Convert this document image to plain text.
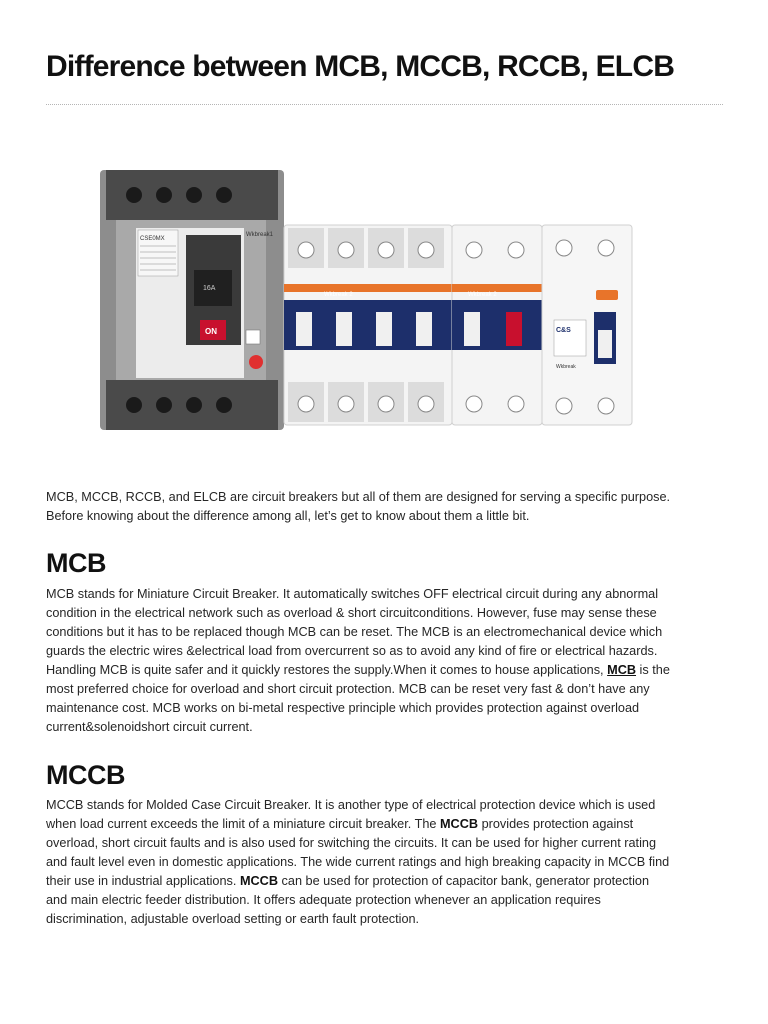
Difference between MCB, MCCB, RCCB, ELCB
CSE0MX
16A
ON
Wkbreak1
Wkbreak 2	Wkbreak 2
C&S
Wkbreak

MCB, MCCB, RCCB, and ELCB are circuit breakers but all of them are designed for serving a specific purpose.

Before knowing about the difference among all, let’s get to know about them a little bit.

MCB

MCB stands for Miniature Circuit Breaker. It automatically switches OFF electrical circuit during any abnormal

condition in the electrical network such as overload & short circuitconditions. However, fuse may sense these

conditions but it has to be replaced though MCB can be reset. The MCB is an electromechanical device which

guards the electric wires &electrical load from overcurrent so as to avoid any kind of fire or electrical hazards.

Handling MCB is quite safer and it quickly restores the supply.When it comes to house applications, MCB is the

most preferred choice for overload and short circuit protection. MCB can be reset very fast & don’t have any

maintenance cost. MCB works on bi-metal respective principle which provides protection against overload

current&solenoidshort circuit current.

MCCB

MCCB stands for Molded Case Circuit Breaker. It is another type of electrical protection device which is used

when load current exceeds the limit of a miniature circuit breaker. The MCCB provides protection against

overload, short circuit faults and is also used for switching the circuits. It can be used for higher current rating

and fault level even in domestic applications. The wide current ratings and high breaking capacity in MCCB find

their use in industrial applications. MCCB can be used for protection of capacitor bank, generator protection

and main electric feeder distribution. It offers adequate protection whenever an application requires

discrimination, adjustable overload setting or earth fault protection.
